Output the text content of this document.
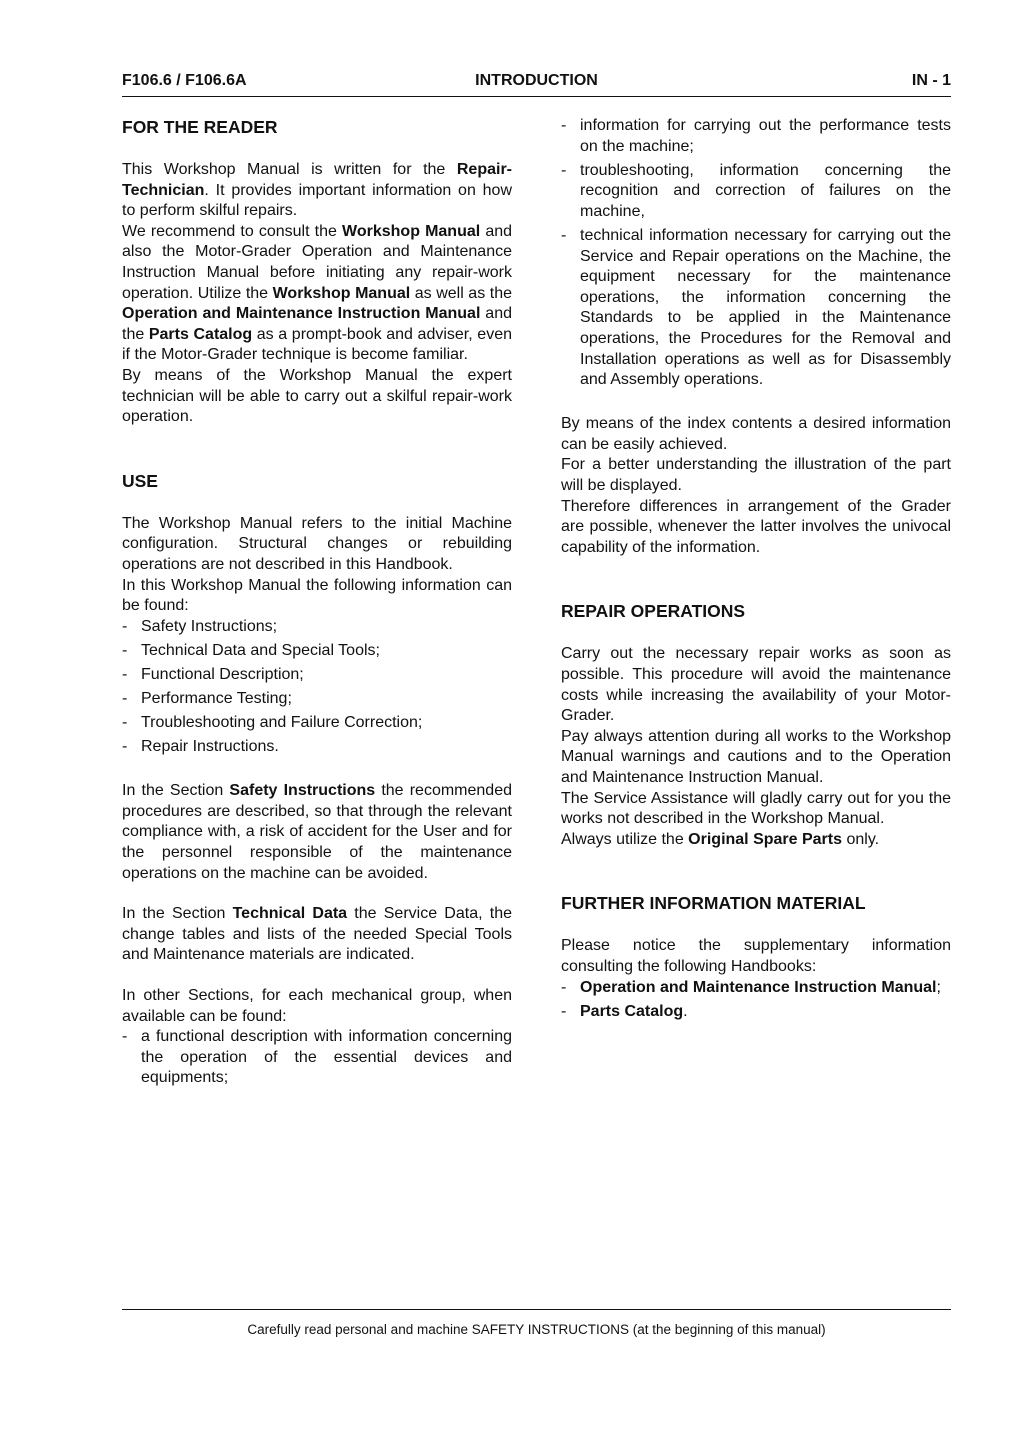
INTRODUCTION
F106.6 / F106.6A	IN - 1
FOR THE READER

This Workshop Manual is written for the Repair-Technician. It provides important information on how to perform skilful repairs.

We recommend to consult the Workshop Manual and also the Motor-Grader Operation and Maintenance Instruction Manual before initiating any repair-work operation. Utilize the Workshop Manual as well as the Operation and Maintenance Instruction Manual and the Parts Catalog as a prompt-book and adviser, even if the Motor-Grader technique is become familiar.

By means of the Workshop Manual the expert technician will be able to carry out a skilful repair-work operation.

USE

The Workshop Manual refers to the initial Machine configuration. Structural changes or rebuilding operations are not described in this Handbook.

In this Workshop Manual the following information can be found:

- Safety Instructions;
- Technical Data and Special Tools;
- Functional Description;
- Performance Testing;
- Troubleshooting and Failure Correction;
- Repair Instructions.

In the Section Safety Instructions the recommended procedures are described, so that through the relevant compliance with, a risk of accident for the User and for the personnel responsible of the maintenance operations on the machine can be avoided.

In the Section Technical Data the Service Data, the change tables and lists of the needed Special Tools and Maintenance materials are indicated.

In other Sections, for each mechanical group, when available can be found:

- a functional description with information concerning the operation of the essential devices and equipments;
- information for carrying out the performance tests on the machine;
- troubleshooting, information concerning the recognition and correction of failures on the machine,
- technical information necessary for carrying out the Service and Repair operations on the Machine, the equipment necessary for the maintenance operations, the information concerning the Standards to be applied in the Maintenance operations, the Procedures for the Removal and Installation operations as well as for Disassembly and Assembly operations.

By means of the index contents a desired information can be easily achieved.

For a better understanding the illustration of the part will be displayed.

Therefore differences in arrangement of the Grader are possible, whenever the latter involves the univocal capability of the information.

REPAIR OPERATIONS

Carry out the necessary repair works as soon as possible. This procedure will avoid the maintenance costs while increasing the availability of your Motor-Grader.

Pay always attention during all works to the Workshop Manual warnings and cautions and to the Operation and Maintenance Instruction Manual.

The Service Assistance will gladly carry out for you the works not described in the Workshop Manual.

Always utilize the Original Spare Parts only.

FURTHER INFORMATION MATERIAL

Please notice the supplementary information consulting the following Handbooks:

- Operation and Maintenance Instruction Manual;
- Parts Catalog.
Carefully read personal and machine SAFETY INSTRUCTIONS (at the beginning of this manual)
